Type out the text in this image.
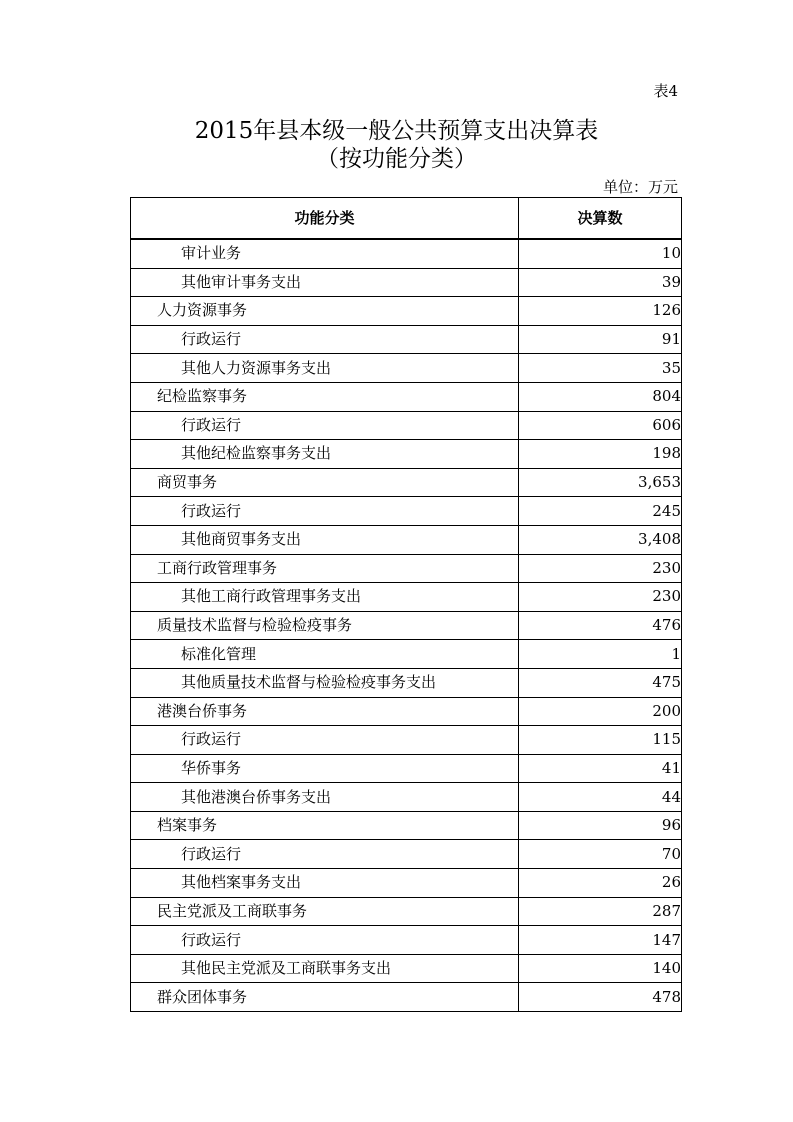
表4
2015年县本级一般公共预算支出决算表
（按功能分类）
单位：万元
功能分类	决算数
审计业务	10
其他审计事务支出	39
人力资源事务	126
行政运行	91
其他人力资源事务支出	35
纪检监察事务	804
行政运行	606
其他纪检监察事务支出	198
商贸事务	3,653
行政运行	245
其他商贸事务支出	3,408
工商行政管理事务	230
其他工商行政管理事务支出	230
质量技术监督与检验检疫事务	476
标准化管理	1
其他质量技术监督与检验检疫事务支出	475
港澳台侨事务	200
行政运行	115
华侨事务	41
其他港澳台侨事务支出	44
档案事务	96
行政运行	70
其他档案事务支出	26
民主党派及工商联事务	287
行政运行	147
其他民主党派及工商联事务支出	140
群众团体事务	478
